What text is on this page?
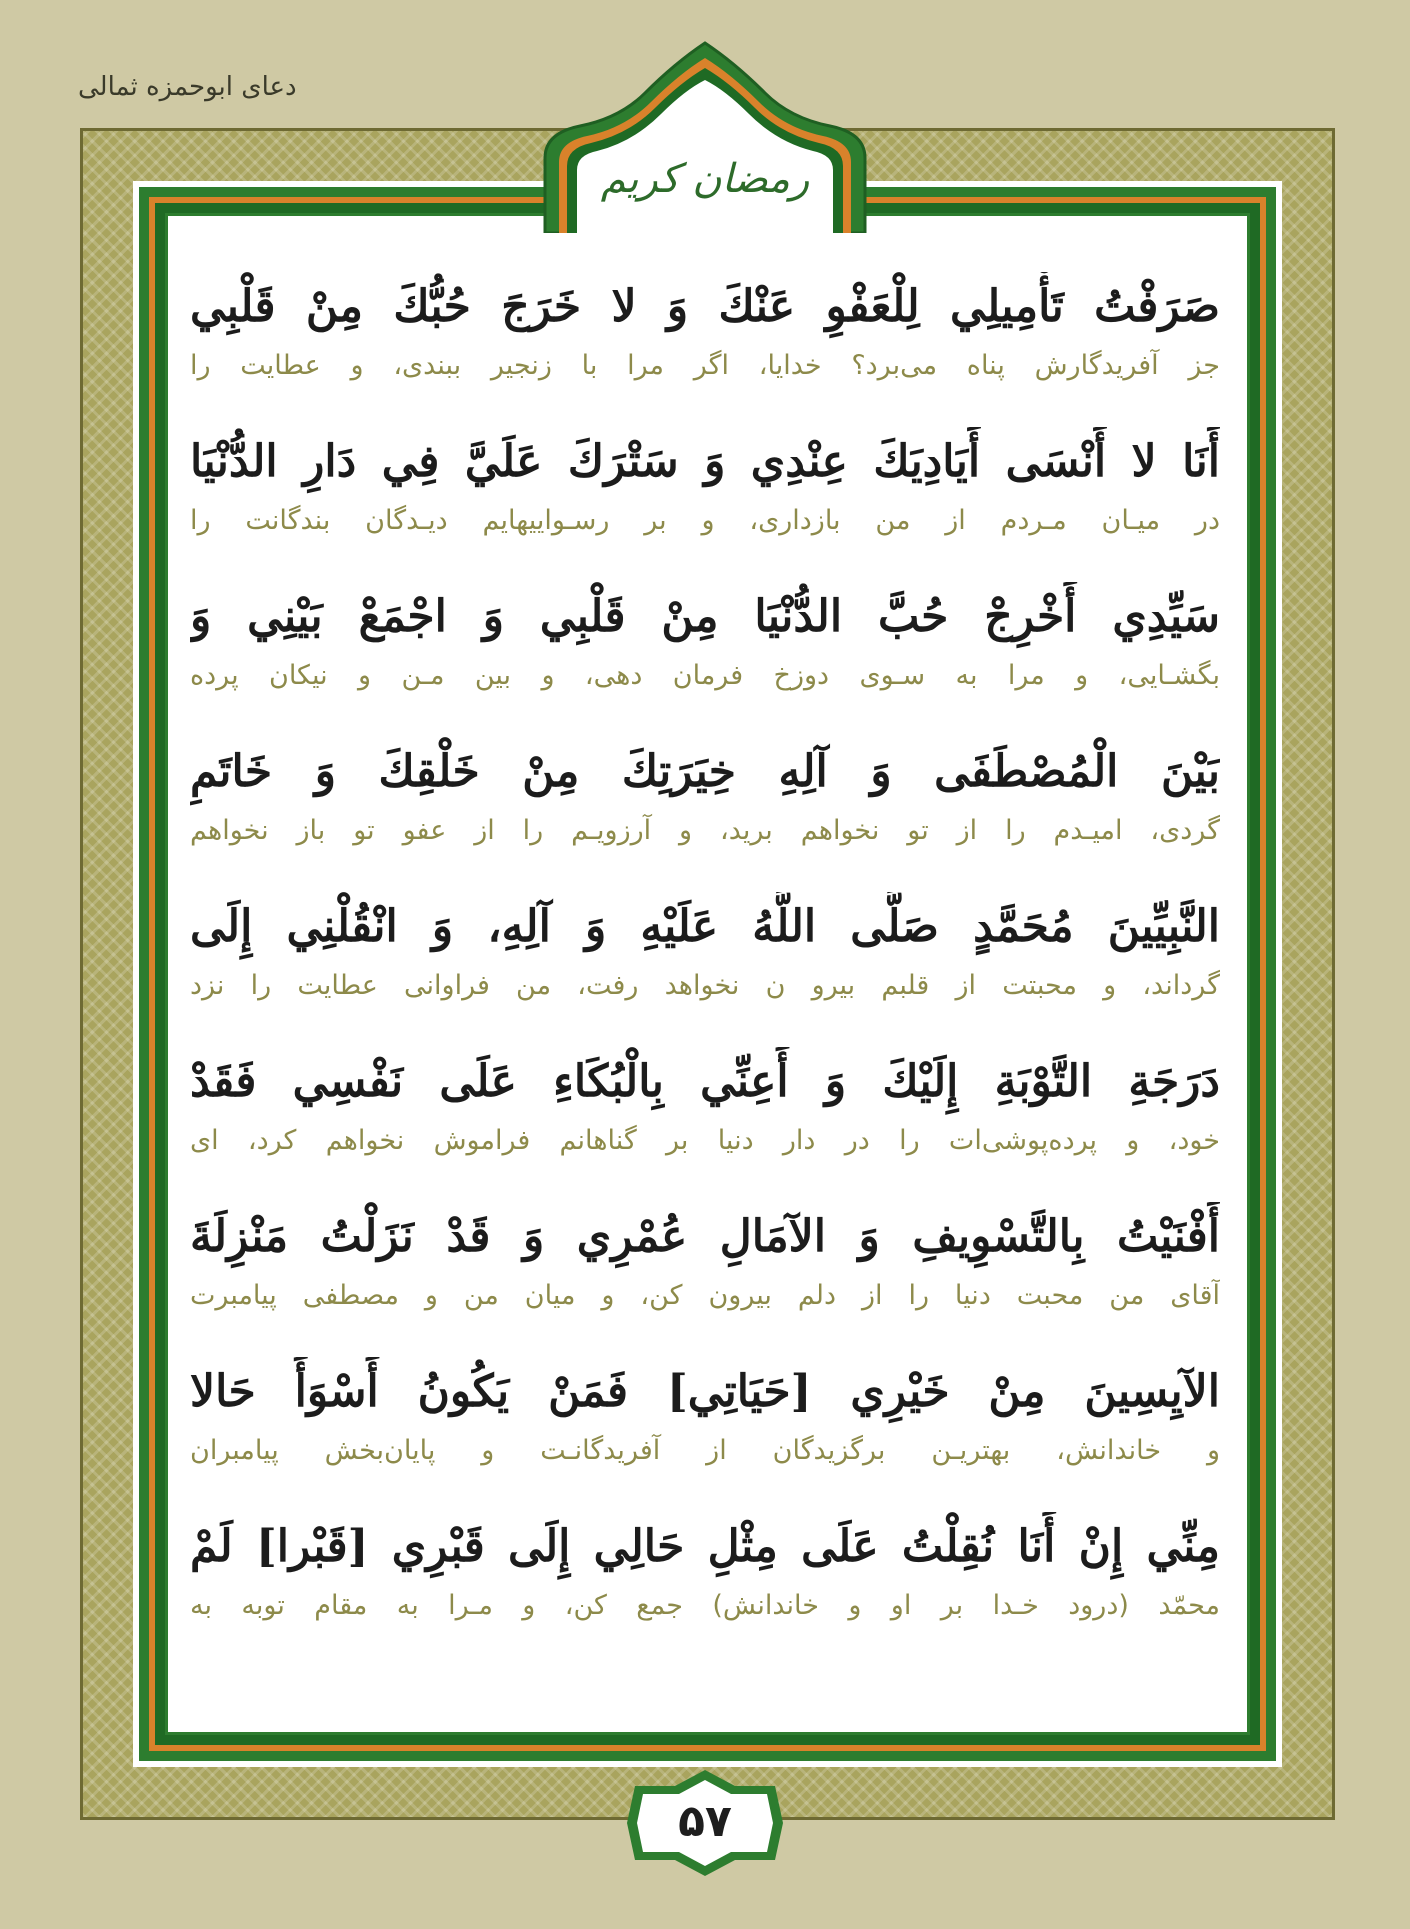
دعای ابوحمزه ثمالی
رمضان کریم
صَرَفْتُ تَأْمِيلِي لِلْعَفْوِ عَنْكَ وَ لا خَرَجَ حُبُّكَ مِنْ قَلْبِي
جز آفریدگارش پناه می‌برد؟ خدایا، اگر مرا با زنجیر ببندی، و عطایت را
أَنَا لا أَنْسَى أَيَادِيَكَ عِنْدِي وَ سَتْرَكَ عَلَيَّ فِي دَارِ الدُّنْيَا
در میـان مـردم از من بازداری، و بر رسـواییهایم دیـدگان بندگانت را
سَيِّدِي أَخْرِجْ حُبَّ الدُّنْيَا مِنْ قَلْبِي وَ اجْمَعْ بَيْنِي وَ
بگشـایی، و مرا به سـوی دوزخ فرمان دهی، و بین مـن و نیکان پرده
بَيْنَ الْمُصْطَفَى وَ آلِهِ خِيَرَتِكَ مِنْ خَلْقِكَ وَ خَاتَمِ
گردی، امیـدم را از تو نخواهم برید، و آرزویـم را از عفو تو باز نخواهم
النَّبِيِّينَ مُحَمَّدٍ صَلَّى اللَّهُ عَلَيْهِ وَ آلِهِ، وَ انْقُلْنِي إِلَى
گرداند، و محبتت از قلبم بیرو ن نخواهد رفت، من فراوانی عطایت را نزد
دَرَجَةِ التَّوْبَةِ إِلَيْكَ وَ أَعِنِّي بِالْبُكَاءِ عَلَى نَفْسِي فَقَدْ
خود، و پرده‌پوشی‌ات را در دار دنیا بر گناهانم فراموش نخواهم کرد، ای
أَفْنَيْتُ بِالتَّسْوِيفِ وَ الآمَالِ عُمْرِي وَ قَدْ نَزَلْتُ مَنْزِلَةَ
آقای من محبت دنیا را از دلم بیرون کن، و میان من و مصطفی پیامبرت
الآيِسِينَ مِنْ خَيْرِي [حَيَاتِي] فَمَنْ يَكُونُ أَسْوَأَ حَالا
و خاندانش، بهتریـن برگزیدگان از آفریدگانـت و پایان‌بخش پیامبران
مِنِّي إِنْ أَنَا نُقِلْتُ عَلَى مِثْلِ حَالِي إِلَى قَبْرِي [قَبْرا] لَمْ
محمّد (درود خـدا بر او و خاندانش) جمع کن، و مـرا به مقام توبه به
۵۷
